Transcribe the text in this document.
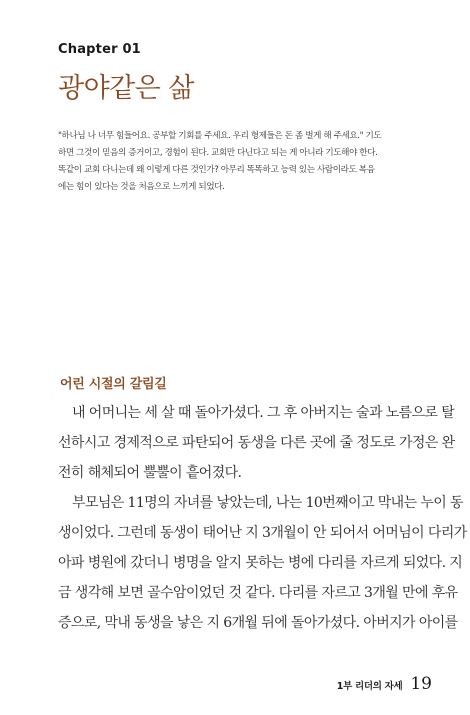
Chapter 01
광야같은 삶
"하나님 나 너무 힘들어요. 공부할 기회를 주세요. 우리 형제들은 돈 좀 벌게 해 주세요." 기도
하면 그것이 믿음의 증거이고, 경험이 된다. 교회만 다닌다고 되는 게 아니라 기도해야 한다.
똑같이 교회 다니는데 왜 이렇게 다른 것인가? 아무리 똑똑하고 능력 있는 사람이라도 복음
에는 힘이 있다는 것을 처음으로 느끼게 되었다.
어린 시절의 갈림길
내 어머니는 세 살 때 돌아가셨다. 그 후 아버지는 술과 노름으로 탈
선하시고 경제적으로 파탄되어 동생을 다른 곳에 줄 정도로 가정은 완
전히 해체되어 뿔뿔이 흩어졌다.
부모님은 11명의 자녀를 낳았는데, 나는 10번째이고 막내는 누이 동
생이었다. 그런데 동생이 태어난 지 3개월이 안 되어서 어머님이 다리가
아파 병원에 갔더니 병명을 알지 못하는 병에 다리를 자르게 되었다. 지
금 생각해 보면 골수암이었던 것 같다. 다리를 자르고 3개월 만에 후유
증으로, 막내 동생을 낳은 지 6개월 뒤에 돌아가셨다. 아버지가 아이를
1부 리더의 자세 19
